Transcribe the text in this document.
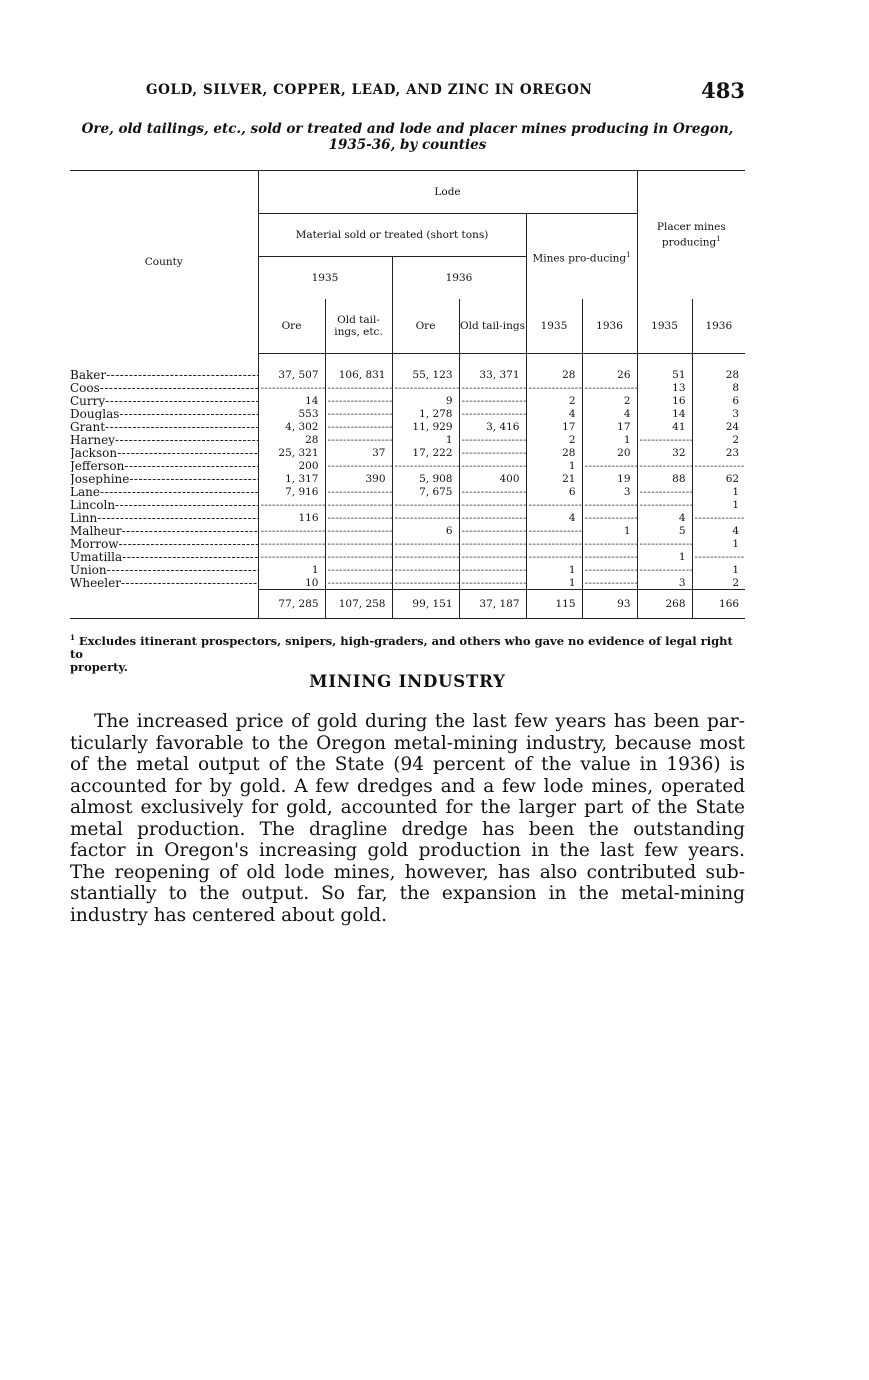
GOLD, SILVER, COPPER, LEAD, AND ZINC IN OREGON	483
Ore, old tailings, etc., sold or treated and lode and placer mines producing in Oregon,
1935-36, by counties
County	Lode						Placer mines producing$^1$
	Material sold or treated (short tons)				Mines pro-ducing$^1$
	1935		1936					
	Ore	Old tail-ings, etc.	Ore	Old tail-ings	1935	1936	1935	1936

Baker -----	37, 507	106, 831	55, 123	33, 371	28	26	51	28
Coos -----	-----	-----	-----	-----	-----	-----	13	8
Curry -----	14	-----	9	-----	2	2	16	6
Douglas -----	553	-----	1, 278	-----	4	4	14	3
Grant -----	4, 302	-----	11, 929	3, 416	17	17	41	24
Harney -----	28	-----	1	-----	2	1	-----	2
Jackson -----	25, 321	37	17, 222	-----	28	20	32	23
Jefferson -----	200	-----	-----	-----	1	-----	-----	-----
Josephine -----	1, 317	390	5, 908	400	21	19	88	62
Lane -----	7, 916	-----	7, 675	-----	6	3	-----	1
Lincoln -----	-----	-----	-----	-----	-----	-----	-----	1
Linn -----	116	-----	-----	-----	4	-----	4	-----
Malheur -----	-----	-----	6	-----	-----	1	5	4
Morrow -----	-----	-----	-----	-----	-----	-----	-----	1
Umatilla -----	-----	-----	-----	-----	-----	-----	1	-----
Union -----	1	-----	-----	-----	1	-----	-----	1
Wheeler -----	10	-----	-----	-----	1	-----	3	2
	77, 285	107, 258	99, 151	37, 187	115	93	268	166
$^1$ Excludes itinerant prospectors, snipers, high-graders, and others who gave no evidence of legal right to
property.
MINING INDUSTRY
The increased price of gold during the last few years has been par-
ticularly favorable to the Oregon metal-mining industry, because most
of the metal output of the State (94 percent of the value in 1936) is
accounted for by gold. A few dredges and a few lode mines, operated
almost exclusively for gold, accounted for the larger part of the State
metal production. The dragline dredge has been the outstanding
factor in Oregon's increasing gold production in the last few years.
The reopening of old lode mines, however, has also contributed sub-
stantially to the output. So far, the expansion in the metal-mining
industry has centered about gold.
